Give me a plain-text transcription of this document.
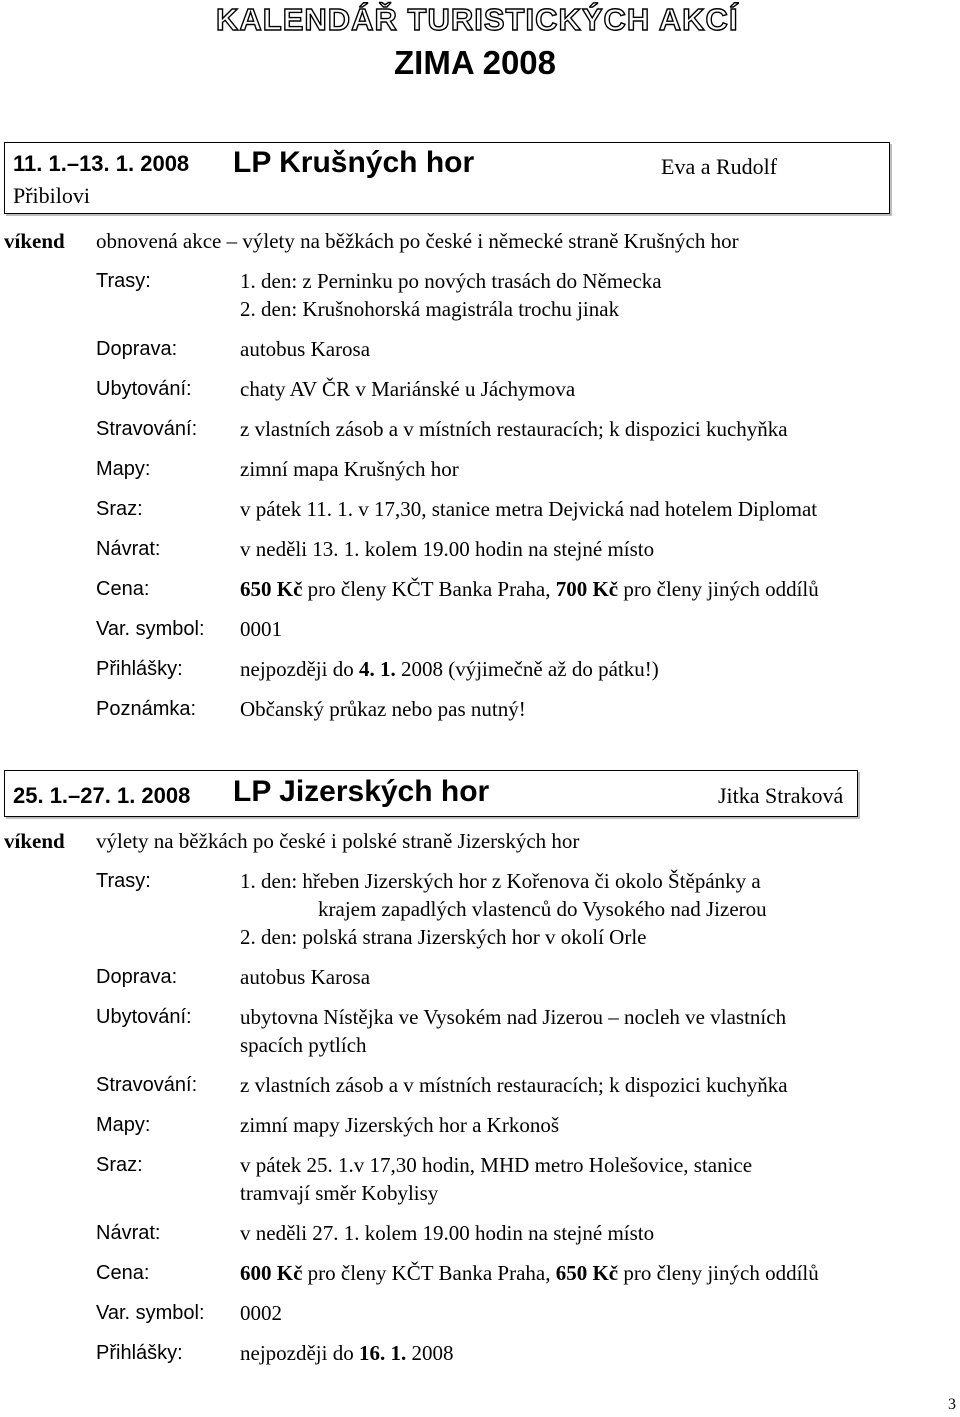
KALENDÁŘ TURISTICKÝCH AKCÍ
ZIMA 2008
11. 1.–13. 1. 2008 LP Krušných hor	Eva a Rudolf
Přibilovi
víkend obnovená akce – výlety na běžkách po české i německé straně Krušných hor
Trasy:	1. den: z Perninku po nových trasách do Německa
2. den: Krušnohorská magistrála trochu jinak
Doprava:	autobus Karosa
Ubytování: chaty AV ČR v Mariánské u Jáchymova
Stravování: z vlastních zásob a v místních restauracích; k dispozici kuchyňka
Mapy:	zimní mapa Krušných hor
Sraz:	v pátek 11. 1. v 17,30, stanice metra Dejvická nad hotelem Diplomat
Návrat:	v neděli 13. 1. kolem 19.00 hodin na stejné místo
Cena:	650 Kč pro členy KČT Banka Praha, 700 Kč pro členy jiných oddílů
Var. symbol: 0001
Přihlášky:	nejpozději do 4. 1. 2008 (výjimečně až do pátku!)
Poznámka: Občanský průkaz nebo pas nutný!
25. 1.–27. 1. 2008 LP Jizerských hor	Jitka Straková
víkend výlety na běžkách po české i polské straně Jizerských hor
Trasy:	1. den: hřeben Jizerských hor z Kořenova či okolo Štěpánky a
krajem zapadlých vlastenců do Vysokého nad Jizerou
2. den: polská strana Jizerských hor v okolí Orle
Doprava:	autobus Karosa
Ubytování: ubytovna Nístějka ve Vysokém nad Jizerou – nocleh ve vlastních
spacích pytlích
Stravování: z vlastních zásob a v místních restauracích; k dispozici kuchyňka
Mapy:	zimní mapy Jizerských hor a Krkonoš
Sraz:	v pátek 25. 1.v 17,30 hodin, MHD metro Holešovice, stanice
tramvají směr Kobylisy
Návrat:	v neděli 27. 1. kolem 19.00 hodin na stejné místo
Cena:	600 Kč pro členy KČT Banka Praha, 650 Kč pro členy jiných oddílů
Var. symbol: 0002
Přihlášky:	nejpozději do 16. 1. 2008
3
